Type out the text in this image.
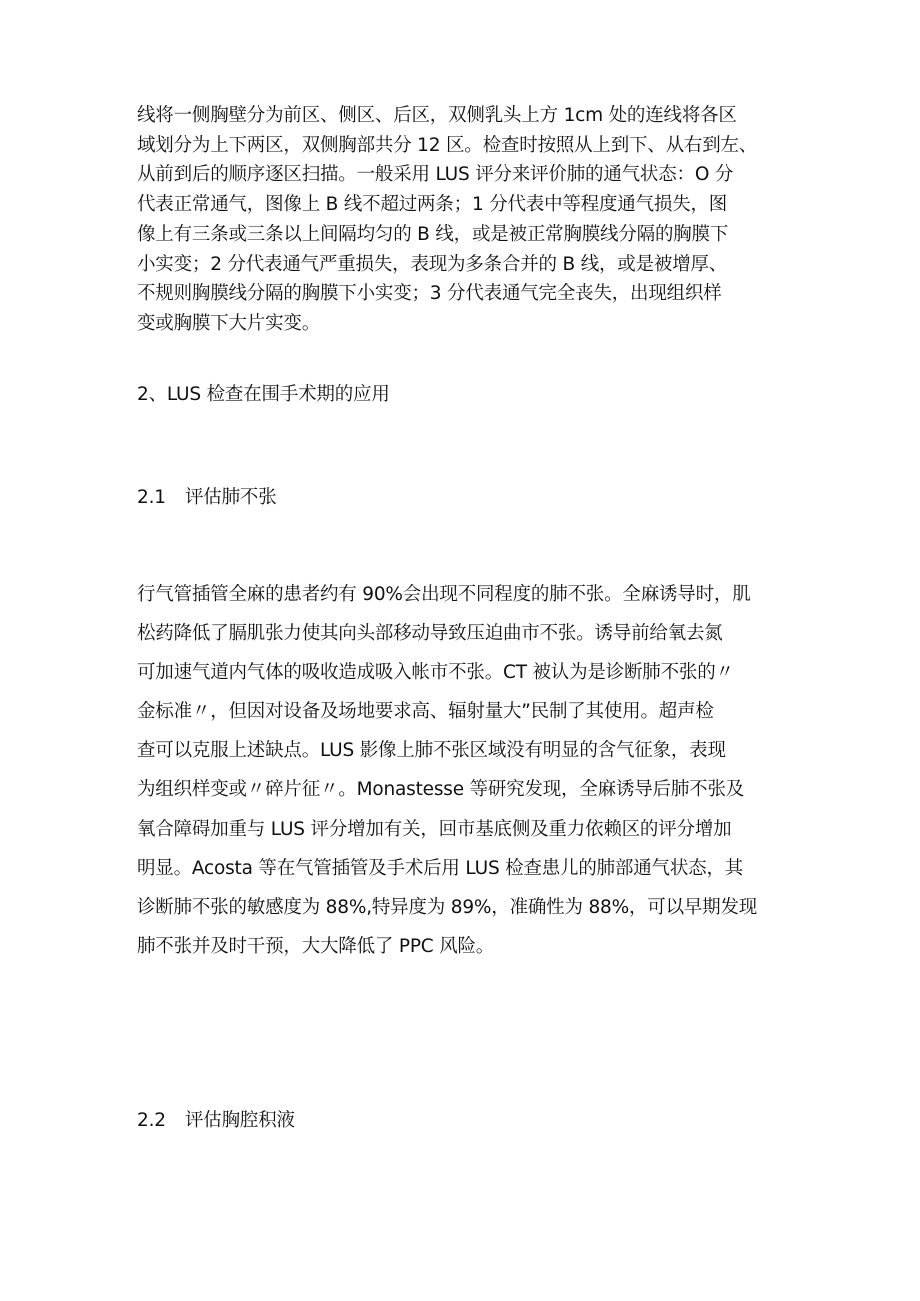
线将一侧胸壁分为前区、侧区、后区，双侧乳头上方 1cm 处的连线将各区
域划分为上下两区，双侧胸部共分 12 区。检查时按照从上到下、从右到左、
从前到后的顺序逐区扫描。一般采用 LUS 评分来评价肺的通气状态：O 分
代表正常通气，图像上 B 线不超过两条；1 分代表中等程度通气损失，图
像上有三条或三条以上间隔均匀的 B 线，或是被正常胸膜线分隔的胸膜下
小实变；2 分代表通气严重损失，表现为多条合并的 B 线，或是被增厚、
不规则胸膜线分隔的胸膜下小实变；3 分代表通气完全丧失，出现组织样
变或胸膜下大片实变。
2、LUS 检查在围手术期的应用
2.1 评估肺不张
行气管插管全麻的患者约有 90%会出现不同程度的肺不张。全麻诱导时，肌
松药降低了膈肌张力使其向头部移动导致压迫曲市不张。诱导前给氧去氮
可加速气道内气体的吸收造成吸入帐市不张。CT 被认为是诊断肺不张的〃
金标准〃，但因对设备及场地要求高、辐射量大”民制了其使用。超声检
查可以克服上述缺点。LUS 影像上肺不张区域没有明显的含气征象，表现
为组织样变或〃碎片征〃。Monastesse 等研究发现，全麻诱导后肺不张及
氧合障碍加重与 LUS 评分增加有关，回市基底侧及重力依赖区的评分增加
明显。Acosta 等在气管插管及手术后用 LUS 检查患儿的肺部通气状态，其
诊断肺不张的敏感度为 88%,特异度为 89%，准确性为 88%，可以早期发现
肺不张并及时干预，大大降低了 PPC 风险。
2.2 评估胸腔积液
